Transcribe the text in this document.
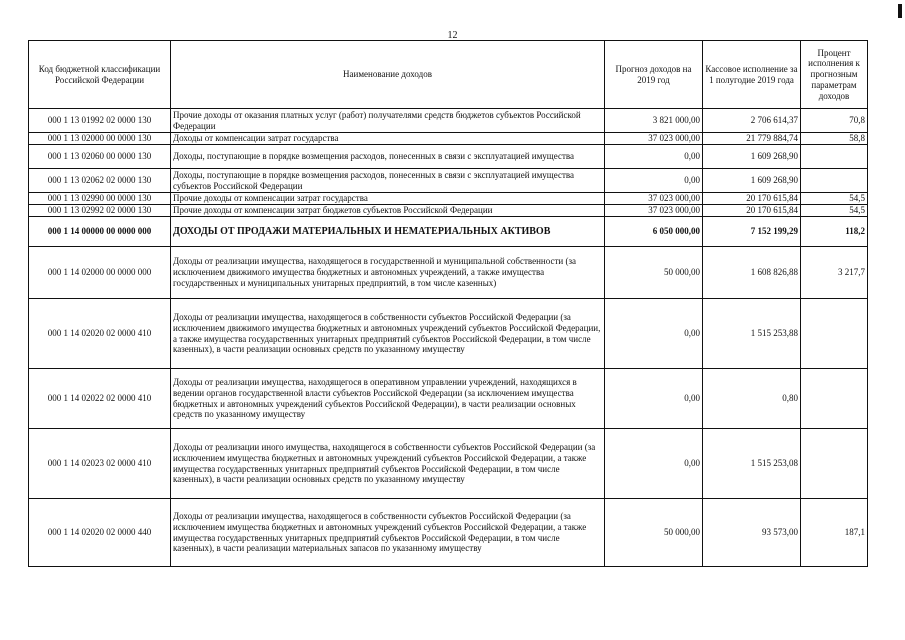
12
Код бюджетной классификации Российской Федерации	Наименование доходов	Прогноз доходов на 2019 год	Кассовое исполнение за 1 полугодие 2019 года	Процент исполнения к прогнозным параметрам доходов
000 1 13 01992 02 0000 130	Прочие доходы от оказания платных услуг (работ) получателями средств бюджетов субъектов Российской Федерации	3 821 000,00	2 706 614,37	70,8
000 1 13 02000 00 0000 130	Доходы от компенсации затрат государства	37 023 000,00	21 779 884,74	58,8
000 1 13 02060 00 0000 130	Доходы, поступающие в порядке возмещения расходов, понесенных в связи с эксплуатацией имущества	0,00	1 609 268,90	
000 1 13 02062 02 0000 130	Доходы, поступающие в порядке возмещения расходов, понесенных в связи с эксплуатацией имущества субъектов Российской Федерации	0,00	1 609 268,90	
000 1 13 02990 00 0000 130	Прочие доходы от компенсации затрат государства	37 023 000,00	20 170 615,84	54,5
000 1 13 02992 02 0000 130	Прочие доходы от компенсации затрат бюджетов субъектов Российской Федерации	37 023 000,00	20 170 615,84	54,5
000 1 14 00000 00 0000 000	ДОХОДЫ ОТ ПРОДАЖИ МАТЕРИАЛЬНЫХ И НЕМАТЕРИАЛЬНЫХ АКТИВОВ	6 050 000,00	7 152 199,29	118,2
000 1 14 02000 00 0000 000	Доходы от реализации имущества, находящегося в государственной и муниципальной собственности (за исключением движимого имущества бюджетных и автономных учреждений, а также имущества государственных и муниципальных унитарных предприятий, в том числе казенных)	50 000,00	1 608 826,88	3 217,7
000 1 14 02020 02 0000 410	Доходы от реализации имущества, находящегося в собственности субъектов Российской Федерации (за исключением движимого имущества бюджетных и автономных учреждений субъектов Российской Федерации, а также имущества государственных унитарных предприятий субъектов Российской Федерации, в том числе казенных), в части реализации основных средств по указанному имуществу	0,00	1 515 253,88	
000 1 14 02022 02 0000 410	Доходы от реализации имущества, находящегося в оперативном управлении учреждений, находящихся в ведении органов государственной власти субъектов Российской Федерации (за исключением имущества бюджетных и автономных учреждений субъектов Российской Федерации), в части реализации основных средств по указанному имуществу	0,00	0,80	
000 1 14 02023 02 0000 410	Доходы от реализации иного имущества, находящегося в собственности субъектов Российской Федерации (за исключением имущества бюджетных и автономных учреждений субъектов Российской Федерации, а также имущества государственных унитарных предприятий субъектов Российской Федерации, в том числе казенных), в части реализации основных средств по указанному имуществу	0,00	1 515 253,08	
000 1 14 02020 02 0000 440	Доходы от реализации имущества, находящегося в собственности субъектов Российской Федерации (за исключением имущества бюджетных и автономных учреждений субъектов Российской Федерации, а также имущества государственных унитарных предприятий субъектов Российской Федерации, в том числе казенных), в части реализации материальных запасов по указанному имуществу	50 000,00	93 573,00	187,1
